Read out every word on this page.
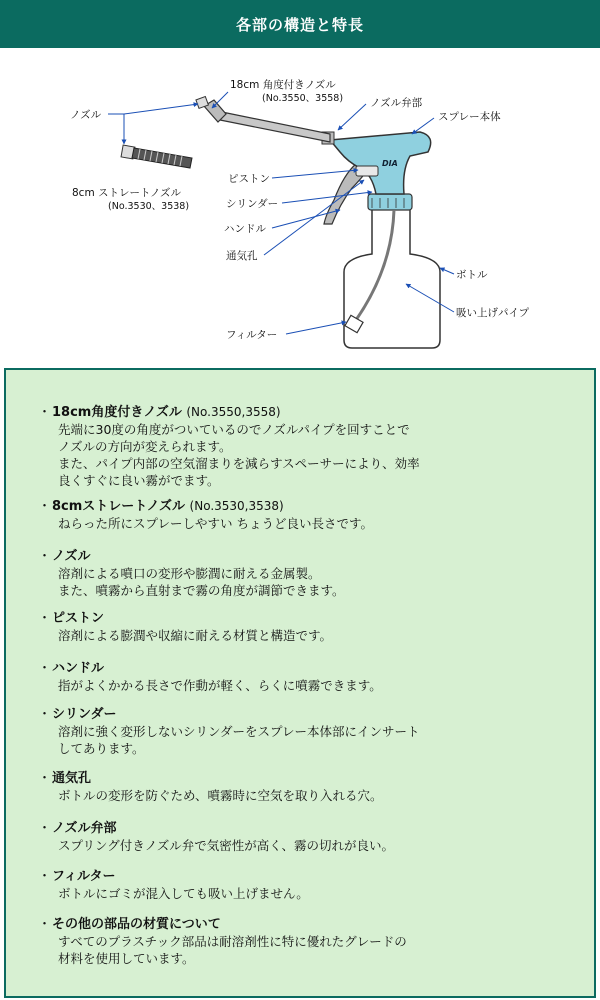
各部の構造と特長
DIA
18cm 角度付きノズル
(No.3550、3558)
ノズル
ノズル弁部
スプレー本体
8cm ストレートノズル
(No.3530、3538)
ピストン
シリンダー
ハンドル
通気孔
ボトル
吸い上げパイプ
フィルター
・18cm角度付きノズル (No.3550,3558)
先端に30度の角度がついているのでノズルパイプを回すことで
ノズルの方向が変えられます。
また、パイプ内部の空気溜まりを減らすスペーサーにより、効率
良くすぐに良い霧がでます。
・8cmストレートノズル (No.3530,3538)
ねらった所にスプレーしやすい ちょうど良い長さです。
・ノズル
溶剤による噴口の変形や膨潤に耐える金属製。
また、噴霧から直射まで霧の角度が調節できます。
・ピストン
溶剤による膨潤や収縮に耐える材質と構造です。
・ハンドル
指がよくかかる長さで作動が軽く、らくに噴霧できます。
・シリンダー
溶剤に強く変形しないシリンダーをスプレー本体部にインサート
してあります。
・通気孔
ボトルの変形を防ぐため、噴霧時に空気を取り入れる穴。
・ノズル弁部
スプリング付きノズル弁で気密性が高く、霧の切れが良い。
・フィルター
ボトルにゴミが混入しても吸い上げません。
・その他の部品の材質について
すべてのプラスチック部品は耐溶剤性に特に優れたグレードの
材料を使用しています。
